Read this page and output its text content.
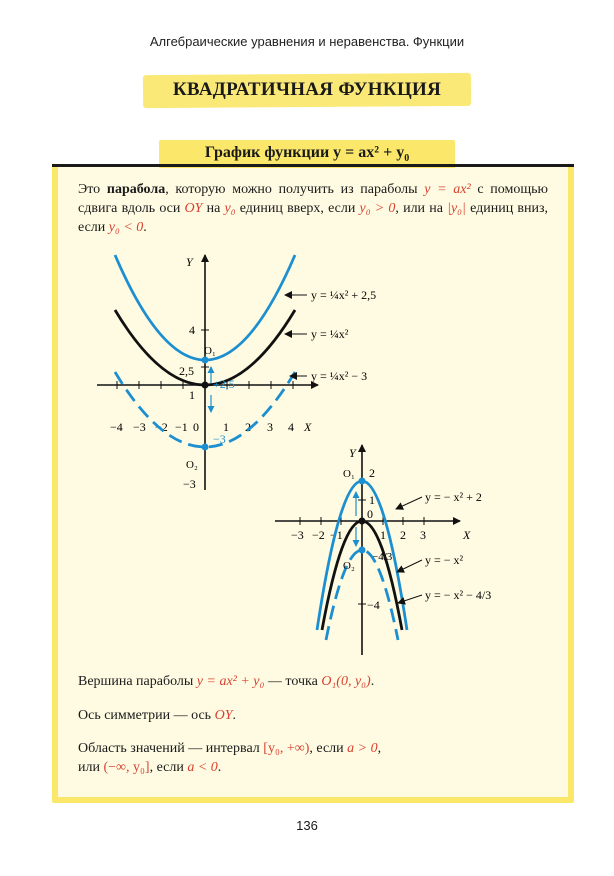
Алгебраические уравнения и неравенства. Функции
КВАДРАТИЧНАЯ ФУНКЦИЯ
График функции $y = ax^2 + y_0$
Это парабола, которую можно получить из параболы y = ax² с помощью сдвига вдоль оси OY на y₀ единиц вверх, если y₀ > 0, или на |y₀| единиц вниз, если y₀ < 0.
X
Y
−4 −3 −2 −1 0 1 2 3 4
4
2,5
1
−3
O₁
O₂
+2,5
−3
y = ¼x² + 2,5
y = ¼x²
y = ¼x² − 3
X
Y
−3 −2 −1
0
1 2 3
2
1
−4/3
−4
O₁
O₂
y = − x² + 2
y = − x²
y = − x² − 4/3
Вершина параболы y = ax² + y₀ — точка O₁(0, y₀).
Ось симметрии — ось OY.
Область значений — интервал [y₀, +∞), если a > 0,
или (−∞, y₀], если a < 0.
136
